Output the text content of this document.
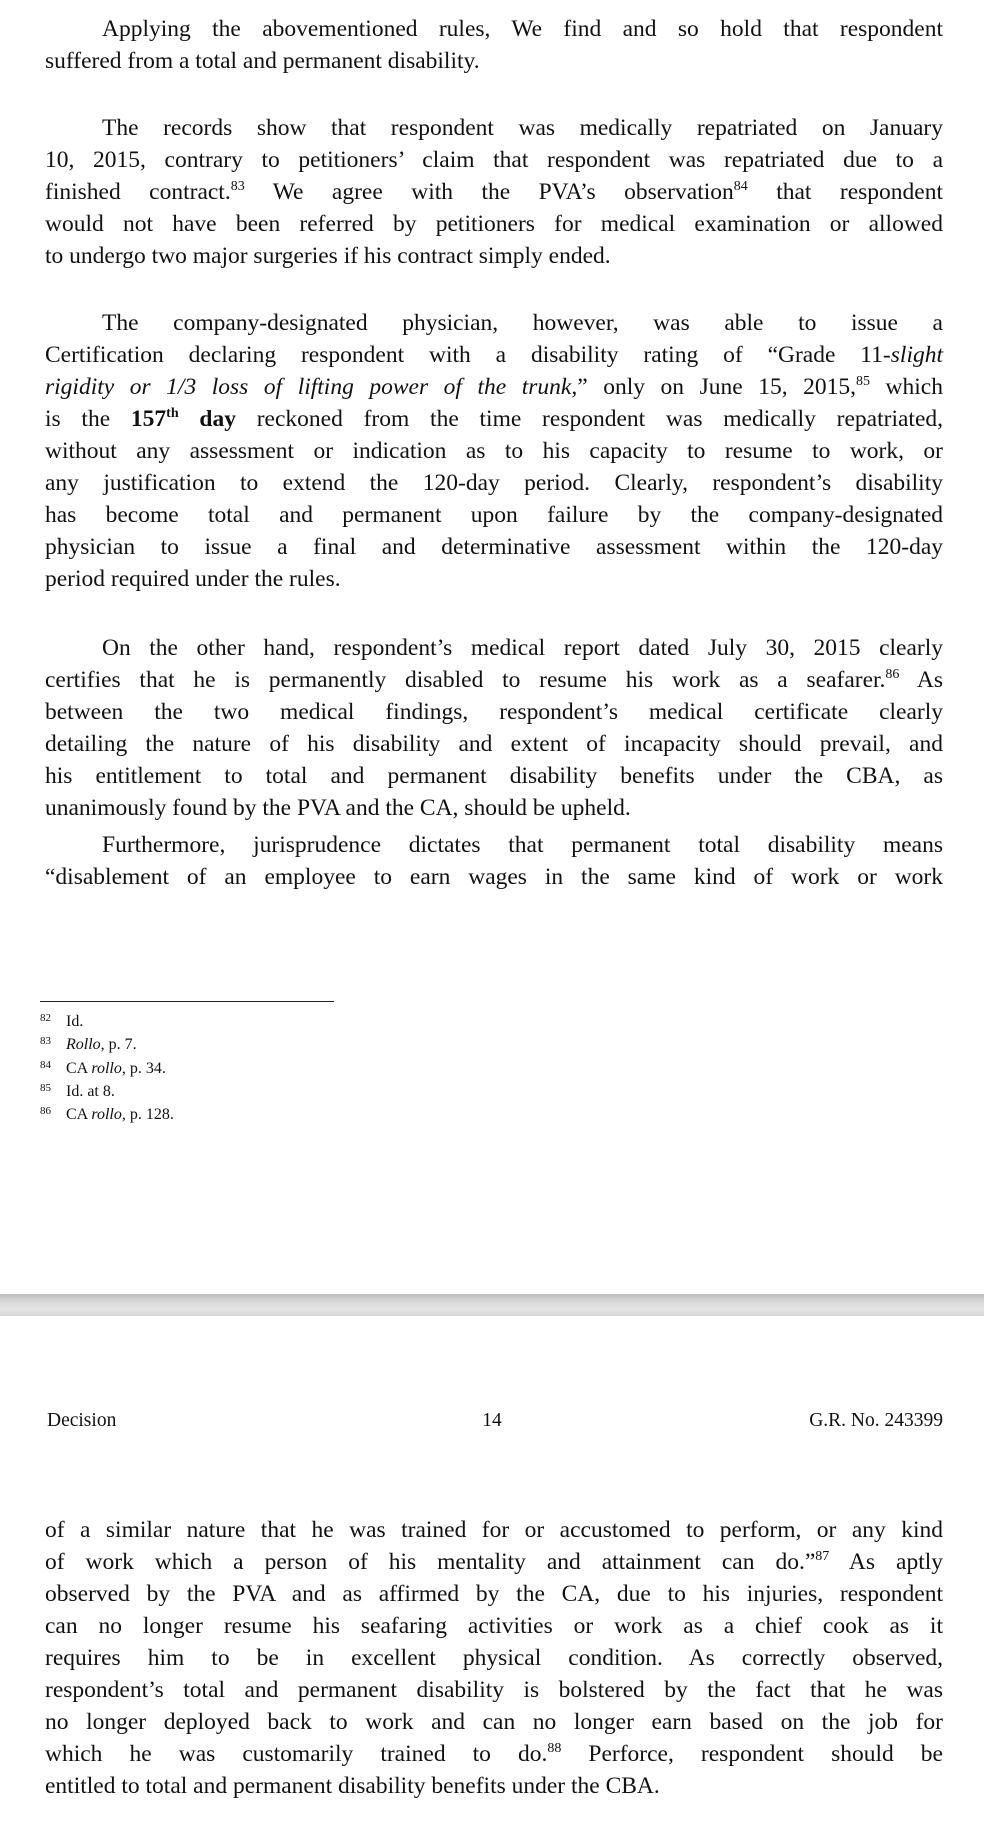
Applying the abovementioned rules, We find and so hold that respondent
suffered from a total and permanent disability.
The records show that respondent was medically repatriated on January
10, 2015, contrary to petitioners’ claim that respondent was repatriated due to a
finished contract.$^{83}$ We agree with the PVA’s observation$^{84}$ that respondent
would not have been referred by petitioners for medical examination or allowed
to undergo two major surgeries if his contract simply ended.
The company-designated physician, however, was able to issue a
Certification declaring respondent with a disability rating of “Grade 11-slight
rigidity or 1/3 loss of lifting power of the trunk,” only on June 15, 2015,85 which
is the 157th day reckoned from the time respondent was medically repatriated,
without any assessment or indication as to his capacity to resume to work, or
any justification to extend the 120-day period. Clearly, respondent’s disability
has become total and permanent upon failure by the company-designated
physician to issue a final and determinative assessment within the 120-day
period required under the rules.
On the other hand, respondent’s medical report dated July 30, 2015 clearly
certifies that he is permanently disabled to resume his work as a seafarer.$^{86}$ As
between the two medical findings, respondent’s medical certificate clearly
detailing the nature of his disability and extent of incapacity should prevail, and
his entitlement to total and permanent disability benefits under the CBA, as
unanimously found by the PVA and the CA, should be upheld.
Furthermore, jurisprudence dictates that permanent total disability means
“disablement of an employee to earn wages in the same kind of work or work
82 Id.
83 Rollo, p. 7.
84 CA rollo, p. 34.
85 Id. at 8.
86 CA rollo, p. 128.
Decision	14	G.R. No. 243399
of a similar nature that he was trained for or accustomed to perform, or any kind
of work which a person of his mentality and attainment can do.”$^{87}$ As aptly
observed by the PVA and as affirmed by the CA, due to his injuries, respondent
can no longer resume his seafaring activities or work as a chief cook as it
requires him to be in excellent physical condition. As correctly observed,
respondent’s total and permanent disability is bolstered by the fact that he was
no longer deployed back to work and can no longer earn based on the job for
which he was customarily trained to do.$^{88}$ Perforce, respondent should be
entitled to total and permanent disability benefits under the CBA.
